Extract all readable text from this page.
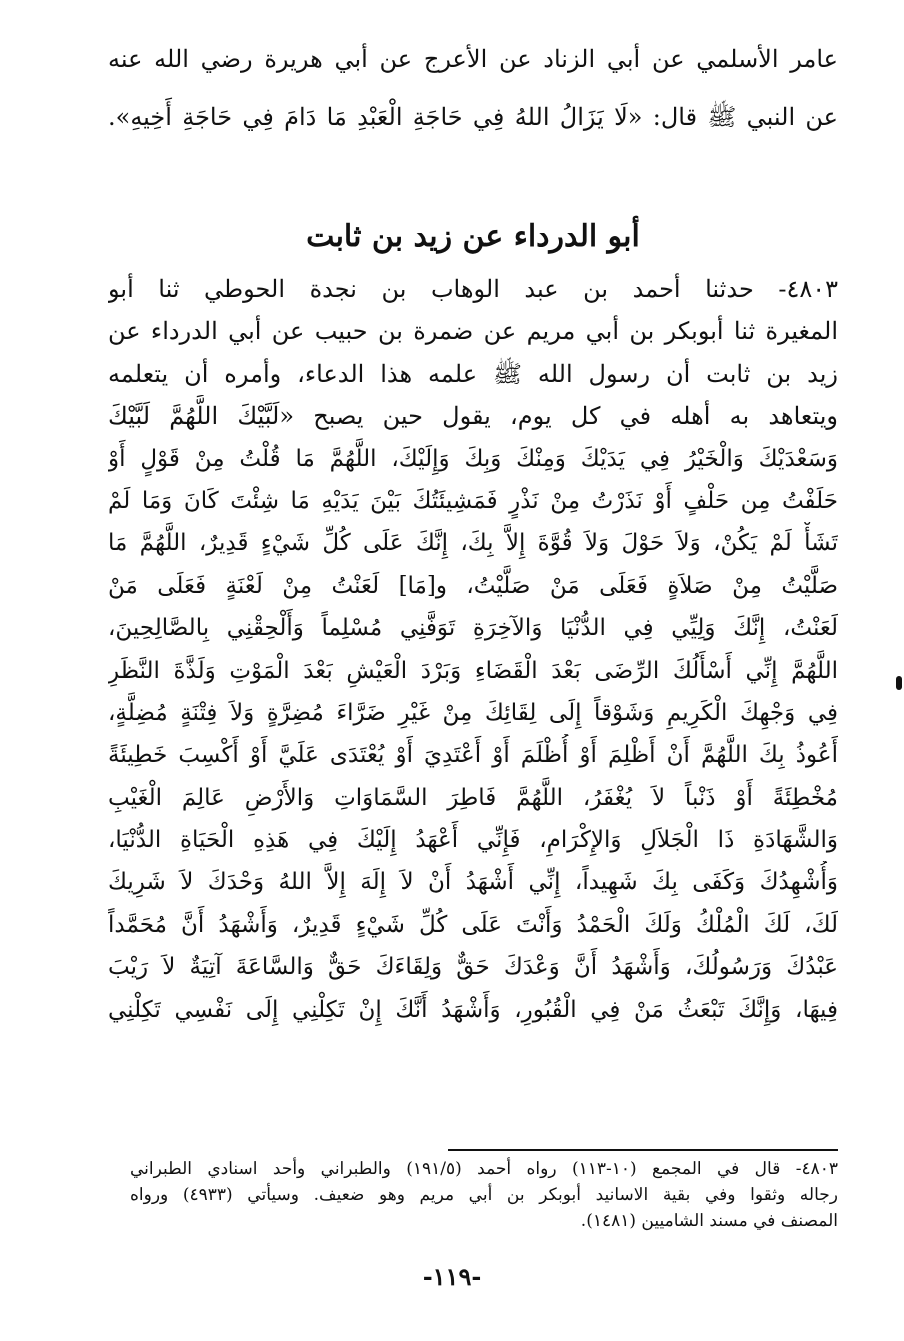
عامر الأسلمي عن أبي الزناد عن الأعرج عن أبي هريرة رضي الله عنه
عن النبي ﷺ قال: «لَا يَزَالُ اللهُ فِي حَاجَةِ الْعَبْدِ مَا دَامَ فِي حَاجَةِ أَخِيهِ».
أبو الدرداء عن زيد بن ثابت
٤٨٠٣- حدثنا أحمد بن عبد الوهاب بن نجدة الحوطي ثنا أبو
المغيرة ثنا أبوبكر بن أبي مريم عن ضمرة بن حبيب عن أبي الدرداء عن
زيد بن ثابت أن رسول الله ﷺ علمه هذا الدعاء، وأمره أن يتعلمه
ويتعاهد به أهله في كل يوم، يقول حين يصبح «لَبَّيْكَ اللَّهُمَّ لَبَّيْكَ
وَسَعْدَيْكَ وَالْخَيْرُ فِي يَدَيْكَ وَمِنْكَ وَبِكَ وَإِلَيْكَ، اللَّهُمَّ مَا قُلْتُ مِنْ قَوْلٍ أَوْ
حَلَفْتُ مِن حَلْفٍ أَوْ نَذَرْتُ مِنْ نَذْرٍ فَمَشِيئَتُكَ بَيْنَ يَدَيْهِ مَا شِئْتَ كَانَ وَمَا لَمْ
تَشَأْ لَمْ يَكُنْ، وَلاَ حَوْلَ وَلاَ قُوَّةَ إِلاَّ بِكَ، إِنَّكَ عَلَى كُلِّ شَيْءٍ قَدِيرٌ، اللَّهُمَّ مَا
صَلَّيْتُ مِنْ صَلاَةٍ فَعَلَى مَنْ صَلَّيْتُ، و[مَا] لَعَنْتُ مِنْ لَعْنَةٍ فَعَلَى مَنْ
لَعَنْتُ، إِنَّكَ وَلِيِّي فِي الدُّنْيَا وَالآخِرَةِ تَوَفَّنِي مُسْلِماً وَأَلْحِقْنِي بِالصَّالِحِينَ،
اللَّهُمَّ إِنِّي أَسْأَلُكَ الرِّضَى بَعْدَ الْقَضَاءِ وَبَرْدَ الْعَيْشِ بَعْدَ الْمَوْتِ وَلَذَّةَ النَّظَرِ
فِي وَجْهِكَ الْكَرِيمِ وَشَوْقاً إِلَى لِقَائِكَ مِنْ غَيْرِ ضَرَّاءَ مُضِرَّةٍ وَلاَ فِتْنَةٍ مُضِلَّةٍ،
أَعُوذُ بِكَ اللَّهُمَّ أَنْ أَظْلِمَ أَوْ أُظْلَمَ أَوْ أَعْتَدِيَ أَوْ يُعْتَدَى عَلَيَّ أَوْ أَكْسِبَ خَطِيئَةً
مُخْطِئَةً أَوْ ذَنْباً لاَ يُغْفَرُ، اللَّهُمَّ فَاطِرَ السَّمَاوَاتِ وَالأَرْضِ عَالِمَ الْغَيْبِ
وَالشَّهَادَةِ ذَا الْجَلاَلِ وَالإِكْرَامِ، فَإِنِّي أَعْهَدُ إِلَيْكَ فِي هَذِهِ الْحَيَاةِ الدُّنْيَا،
وَأُشْهِدُكَ وَكَفَى بِكَ شَهِيداً، إِنِّي أَشْهَدُ أَنْ لاَ إِلَهَ إِلاَّ اللهُ وَحْدَكَ لاَ شَرِيكَ
لَكَ، لَكَ الْمُلْكُ وَلَكَ الْحَمْدُ وَأَنْتَ عَلَى كُلِّ شَيْءٍ قَدِيرٌ، وَأَشْهَدُ أَنَّ مُحَمَّداً
عَبْدُكَ وَرَسُولُكَ، وَأَشْهَدُ أَنَّ وَعْدَكَ حَقٌّ وَلِقَاءَكَ حَقٌّ وَالسَّاعَةَ آتِيَةٌ لاَ رَيْبَ
فِيهَا، وَإِنَّكَ تَبْعَثُ مَنْ فِي الْقُبُورِ، وَأَشْهَدُ أَنَّكَ إِنْ تَكِلْنِي إِلَى نَفْسِي تَكِلْنِي
٤٨٠٣- قال في المجمع (١٠-١١٣) رواه أحمد (١٩١/٥) والطبراني وأحد اسنادي الطبراني
رجاله وثقوا وفي بقية الاسانيد أبوبكر بن أبي مريم وهو ضعيف. وسيأتي (٤٩٣٣) ورواه
المصنف في مسند الشاميين (١٤٨١).
-١١٩-
